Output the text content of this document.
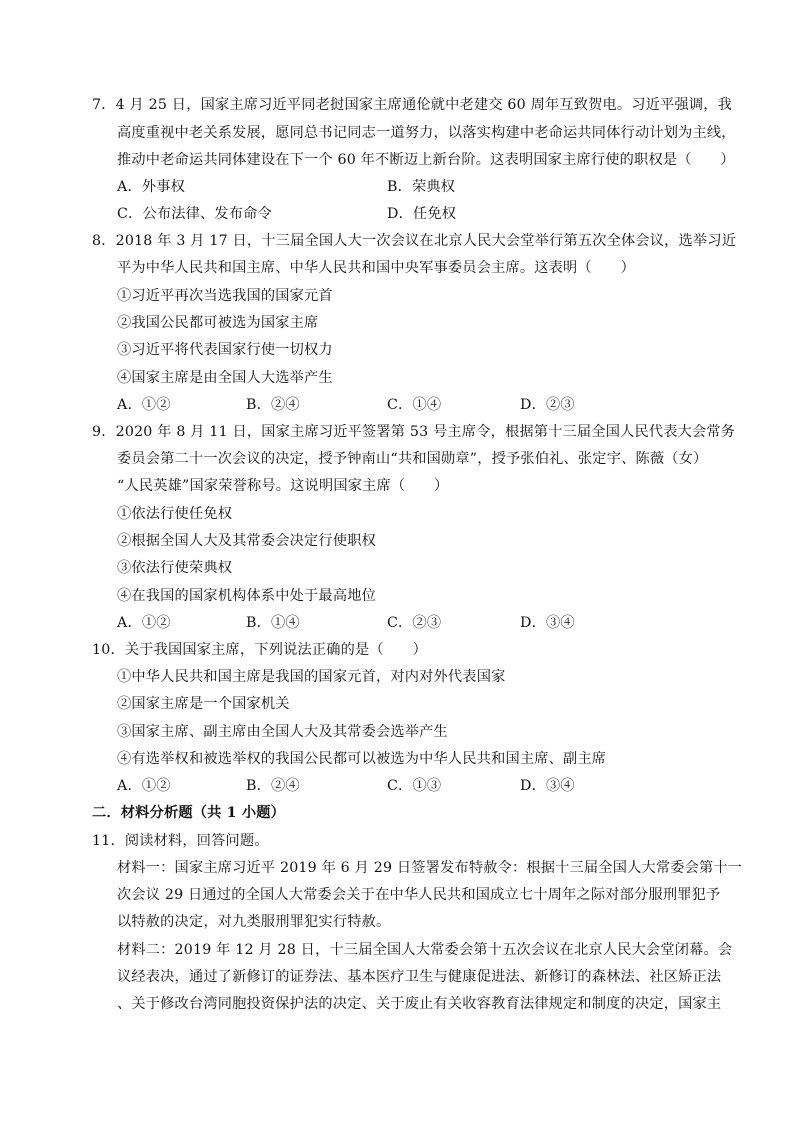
7．4 月 25 日，国家主席习近平同老挝国家主席通伦就中老建交 60 周年互致贺电。习近平强调，我
高度重视中老关系发展，愿同总书记同志一道努力，以落实构建中老命运共同体行动计划为主线，
推动中老命运共同体建设在下一个 60 年不断迈上新台阶。这表明国家主席行使的职权是（　　）
A．外事权	B．荣典权
C．公布法律、发布命令	D．任免权
8．2018 年 3 月 17 日，十三届全国人大一次会议在北京人民大会堂举行第五次全体会议，选举习近
平为中华人民共和国主席、中华人民共和国中央军事委员会主席。这表明（　　）
①习近平再次当选我国的国家元首
②我国公民都可被选为国家主席
③习近平将代表国家行使一切权力
④国家主席是由全国人大选举产生
A．①②	B．②④	C．①④	D．②③
9．2020 年 8 月 11 日，国家主席习近平签署第 53 号主席令，根据第十三届全国人民代表大会常务
委员会第二十一次会议的决定，授予钟南山“共和国勋章”，授予张伯礼、张定宇、陈薇（女）
“人民英雄”国家荣誉称号。这说明国家主席（　　）
①依法行使任免权
②根据全国人大及其常委会决定行使职权
③依法行使荣典权
④在我国的国家机构体系中处于最高地位
A．①②	B．①④	C．②③	D．③④
10．关于我国国家主席，下列说法正确的是（　　）
①中华人民共和国主席是我国的国家元首，对内对外代表国家
②国家主席是一个国家机关
③国家主席、副主席由全国人大及其常委会选举产生
④有选举权和被选举权的我国公民都可以被选为中华人民共和国主席、副主席
A．①②	B．②④	C．①③	D．③④
二．材料分析题（共 1 小题）
11．阅读材料，回答问题。
材料一：国家主席习近平 2019 年 6 月 29 日签署发布特赦令：根据十三届全国人大常委会第十一
次会议 29 日通过的全国人大常委会关于在中华人民共和国成立七十周年之际对部分服刑罪犯予
以特赦的决定，对九类服刑罪犯实行特赦。
材料二：2019 年 12 月 28 日，十三届全国人大常委会第十五次会议在北京人民大会堂闭幕。会
议经表决，通过了新修订的证券法、基本医疗卫生与健康促进法、新修订的森林法、社区矫正法
、关于修改台湾同胞投资保护法的决定、关于废止有关收容教育法律规定和制度的决定，国家主
